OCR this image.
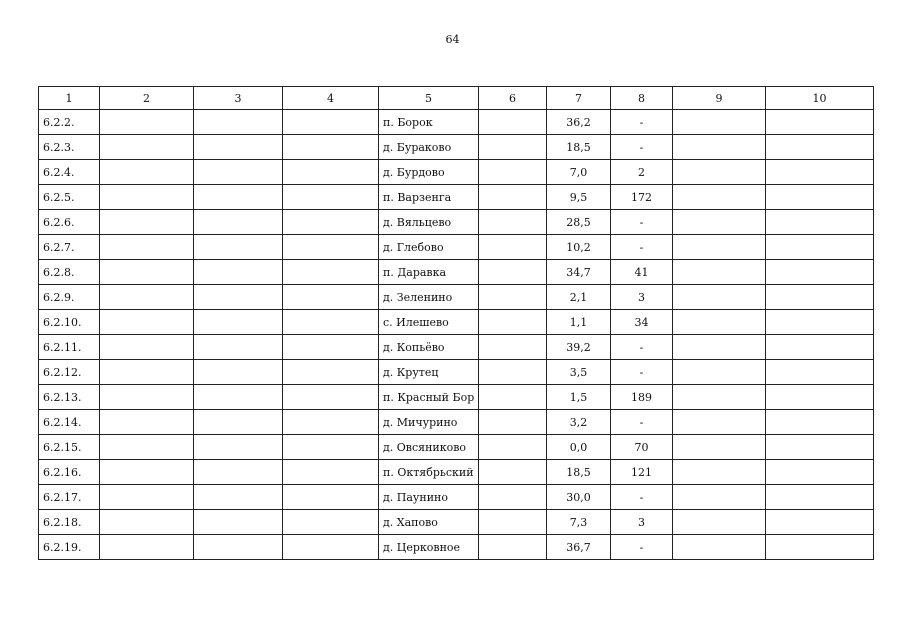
64
1	2	3	4	5	6	7	8	9	10
6.2.2.				п. Борок		36,2	-		
6.2.3.				д. Бураково		18,5	-		
6.2.4.				д. Бурдово		7,0	2		
6.2.5.				п. Варзенга		9,5	172		
6.2.6.				д. Вяльцево		28,5	-		
6.2.7.				д. Глебово		10,2	-		
6.2.8.				п. Даравка		34,7	41		
6.2.9.				д. Зеленино		2,1	3		
6.2.10.				с. Илешево		1,1	34		
6.2.11.				д. Копьёво		39,2	-		
6.2.12.				д. Крутец		3,5	-		
6.2.13.				п. Красный Бор		1,5	189		
6.2.14.				д. Мичурино		3,2	-		
6.2.15.				д. Овсяниково		0,0	70		
6.2.16.				п. Октябрьский		18,5	121		
6.2.17.				д. Паунино		30,0	-		
6.2.18.				д. Хапово		7,3	3		
6.2.19.				д. Церковное		36,7	-		
